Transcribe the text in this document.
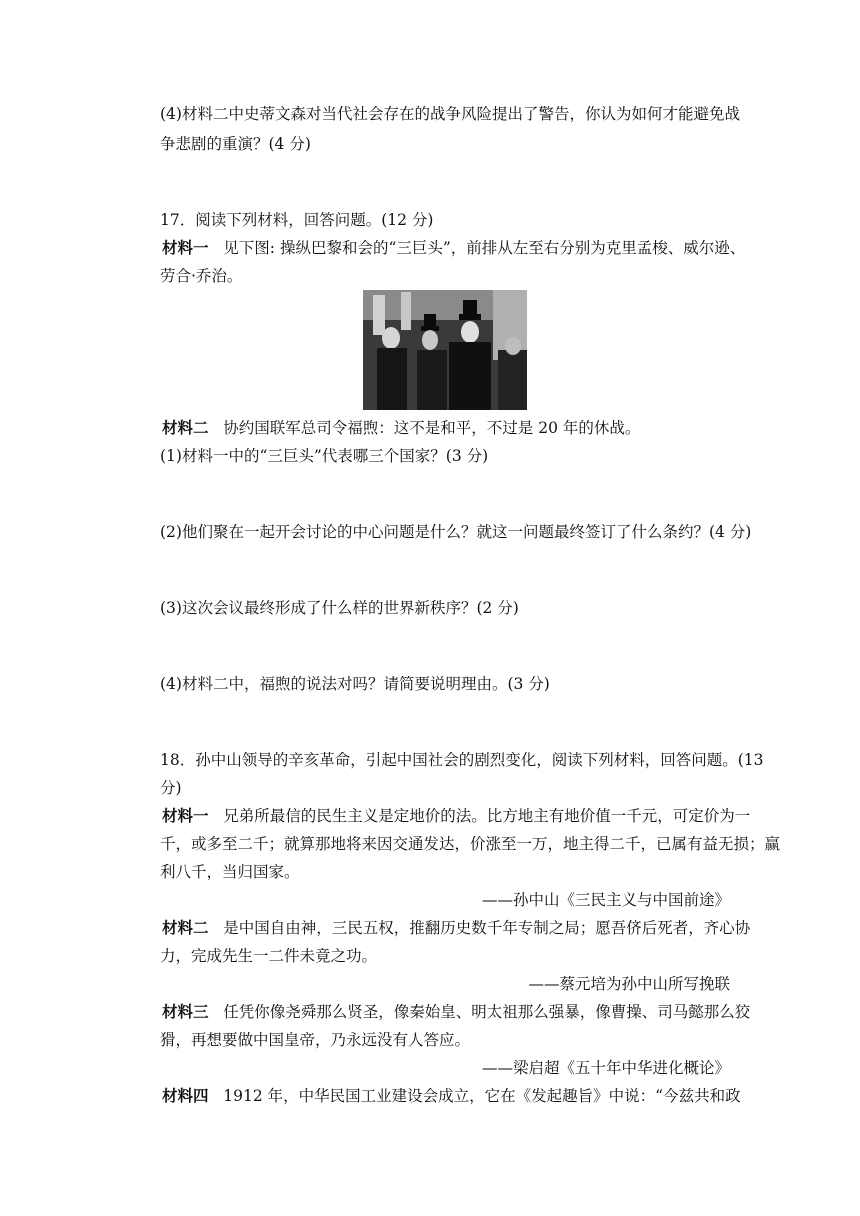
(4)材料二中史蒂文森对当代社会存在的战争风险提出了警告，你认为如何才能避免战
争悲剧的重演？(4 分)
17．阅读下列材料，回答问题。(12 分)
材料一 见下图: 操纵巴黎和会的“三巨头”，前排从左至右分别为克里孟梭、威尔逊、
劳合·乔治。
材料二 协约国联军总司令福煦：这不是和平，不过是 20 年的休战。
(1)材料一中的“三巨头”代表哪三个国家？(3 分)
(2)他们聚在一起开会讨论的中心问题是什么？就这一问题最终签订了什么条约？(4 分)
(3)这次会议最终形成了什么样的世界新秩序？(2 分)
(4)材料二中，福煦的说法对吗？请简要说明理由。(3 分)
18．孙中山领导的辛亥革命，引起中国社会的剧烈变化，阅读下列材料，回答问题。(13
分)
材料一 兄弟所最信的民生主义是定地价的法。比方地主有地价值一千元，可定价为一
千，或多至二千；就算那地将来因交通发达，价涨至一万，地主得二千，已属有益无损；赢
利八千，当归国家。
——孙中山《三民主义与中国前途》
材料二 是中国自由神，三民五权，推翻历史数千年专制之局；愿吾侪后死者，齐心协
力，完成先生一二件未竟之功。
——蔡元培为孙中山所写挽联
材料三 任凭你像尧舜那么贤圣，像秦始皇、明太祖那么强暴，像曹操、司马懿那么狡
猾，再想要做中国皇帝，乃永远没有人答应。
——梁启超《五十年中华进化概论》
材料四 1912 年，中华民国工业建设会成立，它在《发起趣旨》中说：“今兹共和政
